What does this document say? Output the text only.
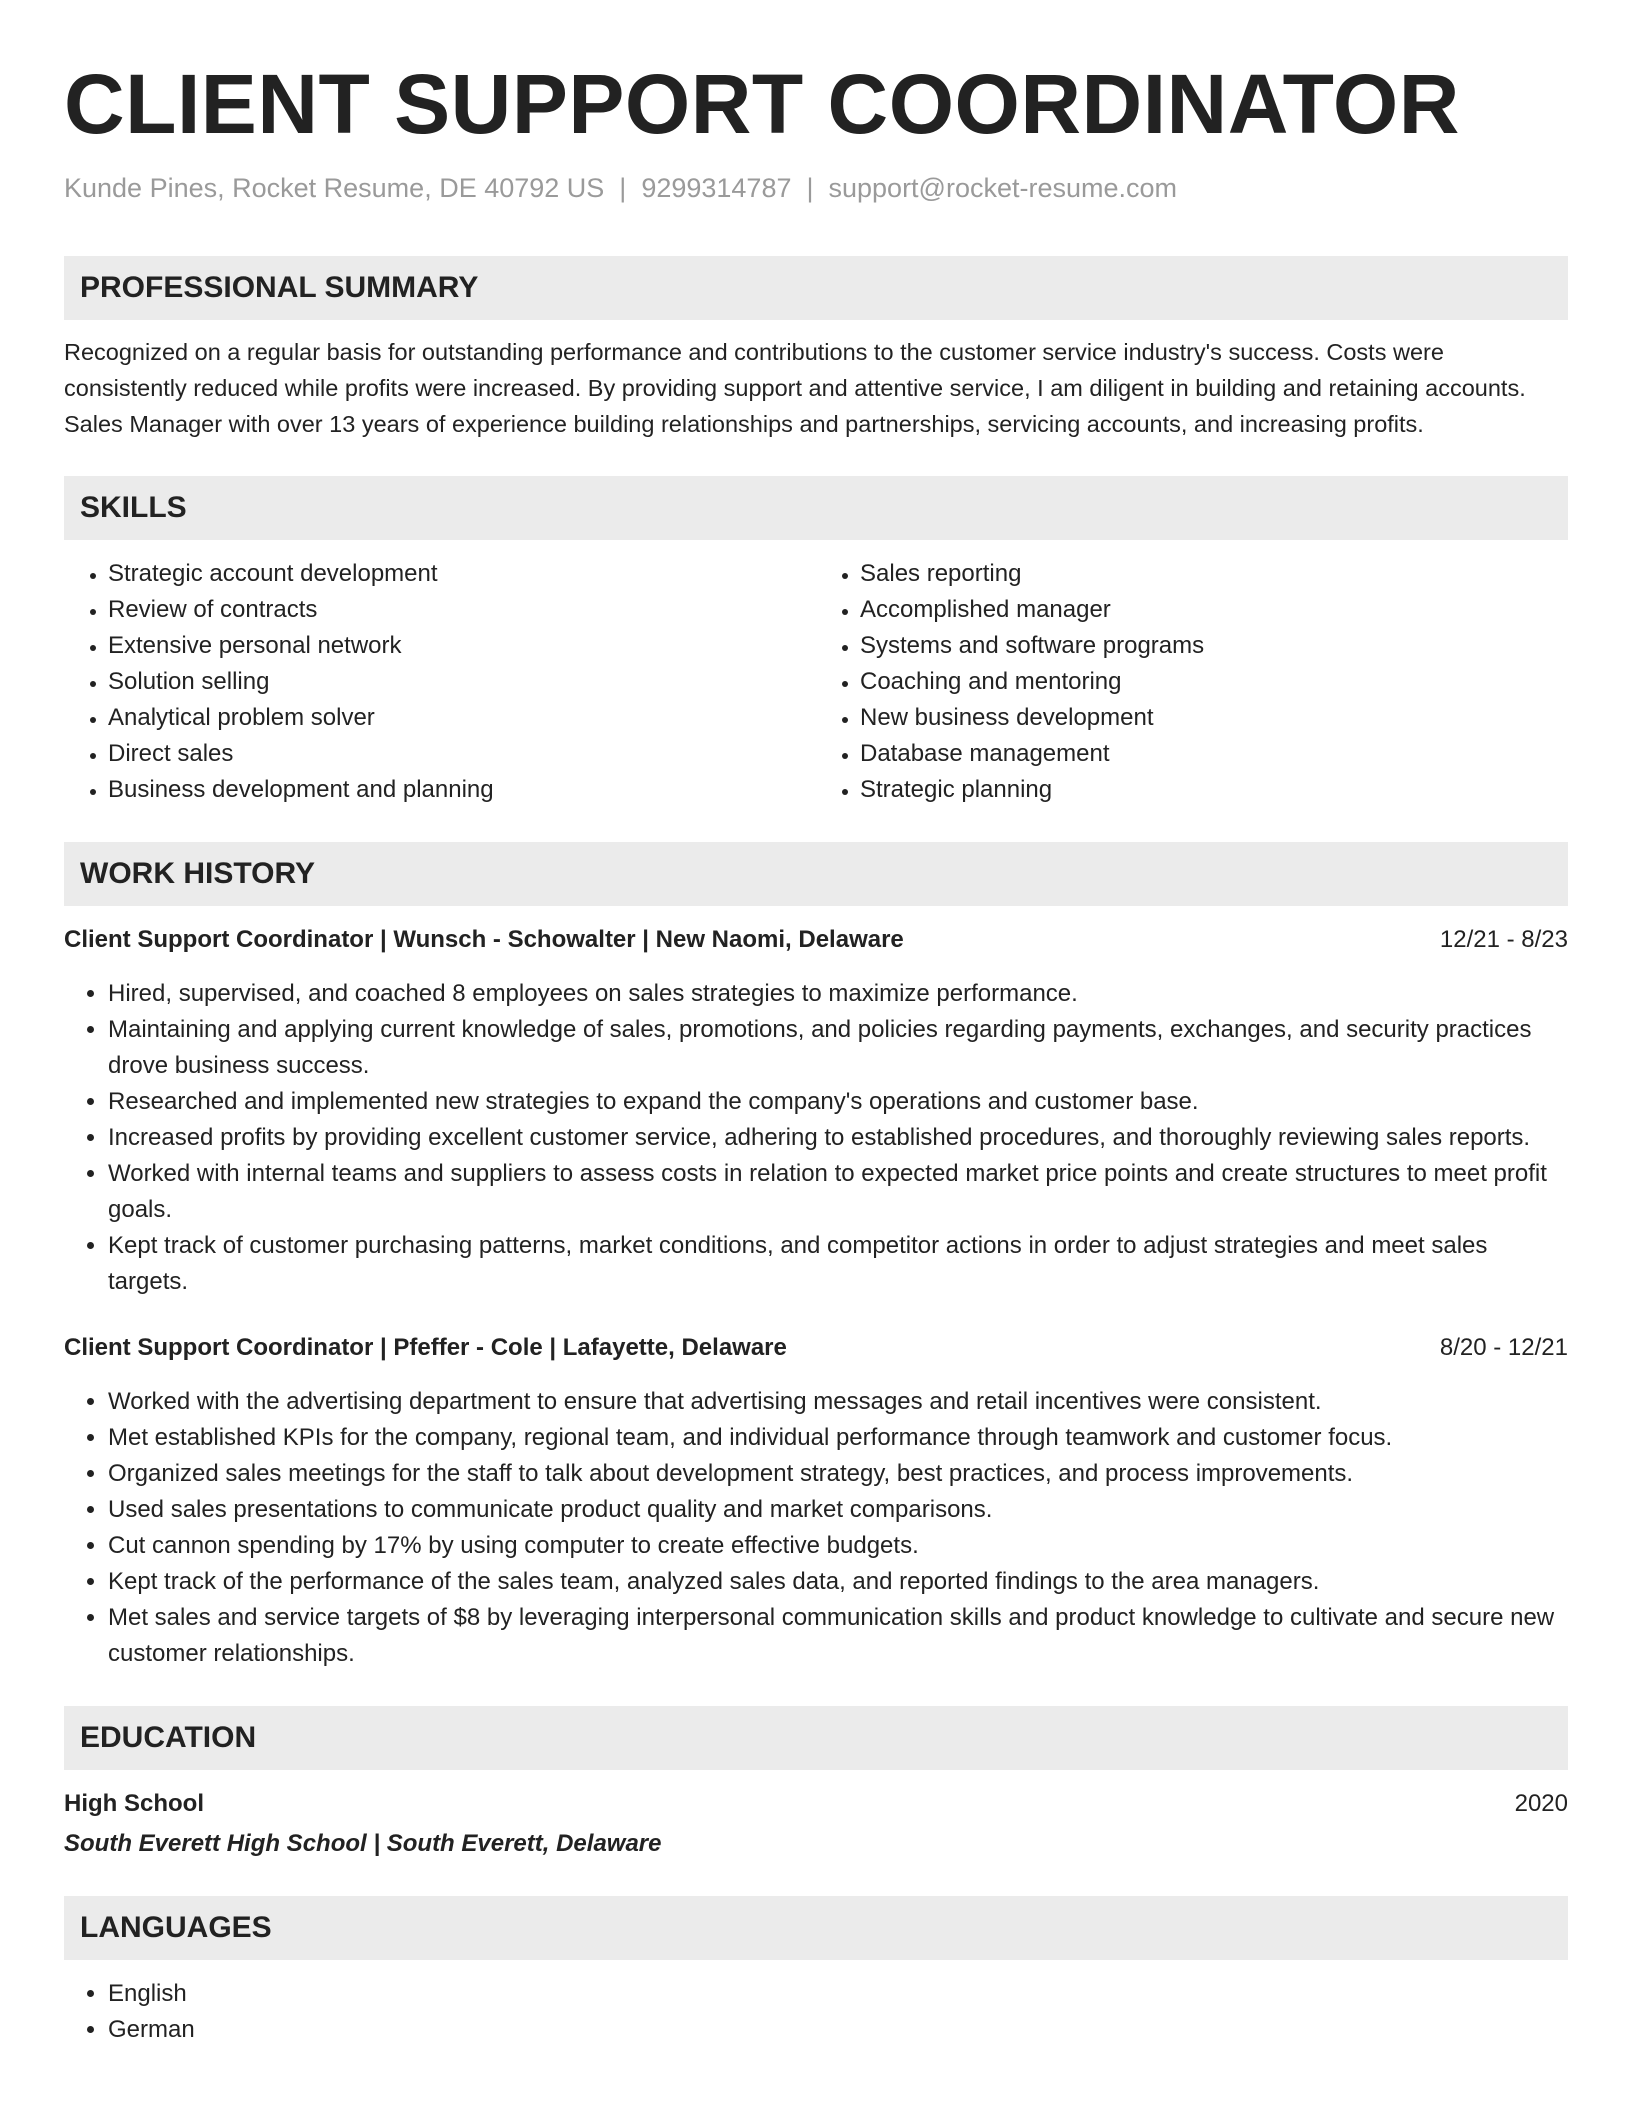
CLIENT SUPPORT COORDINATOR
Kunde Pines, Rocket Resume, DE 40792 US | 9299314787 | support@rocket-resume.com
PROFESSIONAL SUMMARY

Recognized on a regular basis for outstanding performance and contributions to the customer service industry's success. Costs were consistently reduced while profits were increased. By providing support and attentive service, I am diligent in building and retaining accounts. Sales Manager with over 13 years of experience building relationships and partnerships, servicing accounts, and increasing profits.

SKILLS
• Strategic account development
• Review of contracts
• Extensive personal network
• Solution selling
• Analytical problem solver
• Direct sales
• Business development and planning
• Sales reporting
• Accomplished manager
• Systems and software programs
• Coaching and mentoring
• New business development
• Database management
• Strategic planning
WORK HISTORY
Client Support Coordinator | Wunsch - Schowalter | New Naomi, Delaware	12/21 - 8/23
• Hired, supervised, and coached 8 employees on sales strategies to maximize performance.
• Maintaining and applying current knowledge of sales, promotions, and policies regarding payments, exchanges, and security practices drove business success.
• Researched and implemented new strategies to expand the company's operations and customer base.
• Increased profits by providing excellent customer service, adhering to established procedures, and thoroughly reviewing sales reports.
• Worked with internal teams and suppliers to assess costs in relation to expected market price points and create structures to meet profit goals.
• Kept track of customer purchasing patterns, market conditions, and competitor actions in order to adjust strategies and meet sales targets.
Client Support Coordinator | Pfeffer - Cole | Lafayette, Delaware	8/20 - 12/21
• Worked with the advertising department to ensure that advertising messages and retail incentives were consistent.
• Met established KPIs for the company, regional team, and individual performance through teamwork and customer focus.
• Organized sales meetings for the staff to talk about development strategy, best practices, and process improvements.
• Used sales presentations to communicate product quality and market comparisons.
• Cut cannon spending by 17% by using computer to create effective budgets.
• Kept track of the performance of the sales team, analyzed sales data, and reported findings to the area managers.
• Met sales and service targets of $8 by leveraging interpersonal communication skills and product knowledge to cultivate and secure new customer relationships.
EDUCATION
High School	2020
South Everett High School | South Everett, Delaware
LANGUAGES
• English
• German
